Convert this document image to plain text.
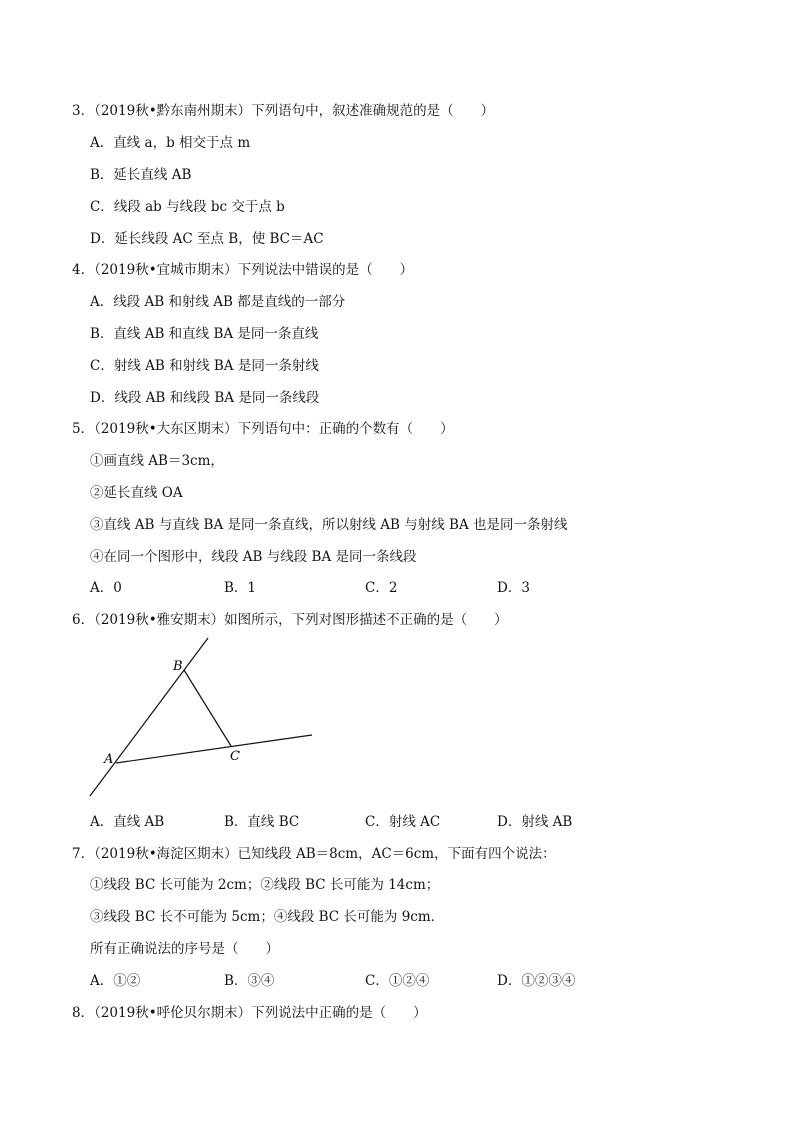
3．（2019秋•黔东南州期末）下列语句中，叙述准确规范的是（　　）
A．直线 a，b 相交于点 m
B．延长直线 AB
C．线段 ab 与线段 bc 交于点 b
D．延长线段 AC 至点 B，使 BC＝AC
4．（2019秋•宜城市期末）下列说法中错误的是（　　）
A．线段 AB 和射线 AB 都是直线的一部分
B．直线 AB 和直线 BA 是同一条直线
C．射线 AB 和射线 BA 是同一条射线
D．线段 AB 和线段 BA 是同一条线段
5．（2019秋•大东区期末）下列语句中：正确的个数有（　　）
①画直线 AB＝3cm，
②延长直线 OA
③直线 AB 与直线 BA 是同一条直线，所以射线 AB 与射线 BA 也是同一条射线
④在同一个图形中，线段 AB 与线段 BA 是同一条线段
A．0	B．1	C．2	D．3
6．（2019秋•雅安期末）如图所示，下列对图形描述不正确的是（　　）
A
B
C
A．直线 AB	B．直线 BC	C．射线 AC	D．射线 AB
7．（2019秋•海淀区期末）已知线段 AB＝8cm，AC＝6cm，下面有四个说法：
①线段 BC 长可能为 2cm；②线段 BC 长可能为 14cm；
③线段 BC 长不可能为 5cm；④线段 BC 长可能为 9cm．
所有正确说法的序号是（　　）
A．①②	B．③④	C．①②④	D．①②③④
8．（2019秋•呼伦贝尔期末）下列说法中正确的是（　　）
